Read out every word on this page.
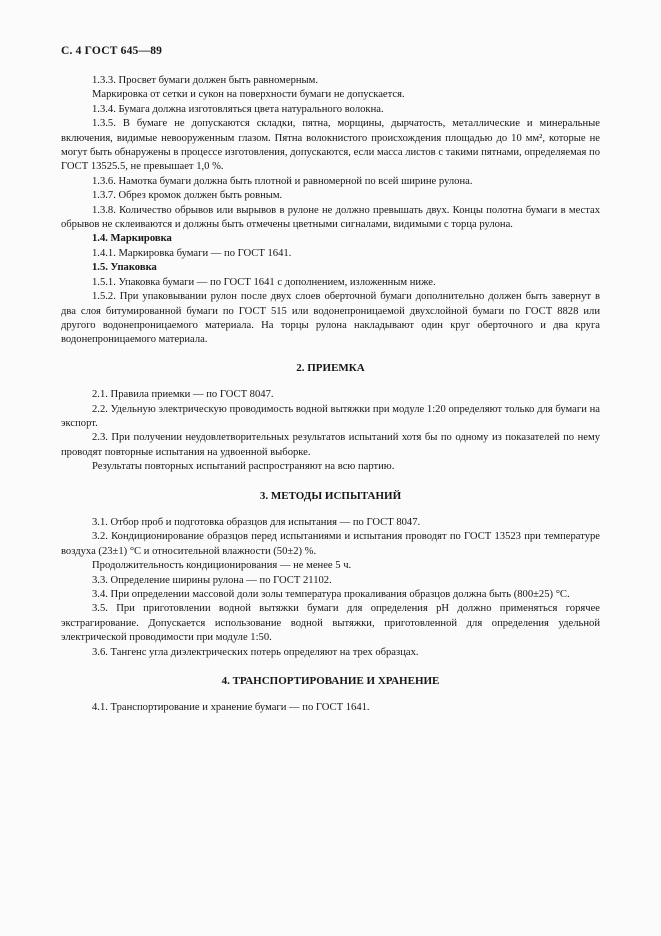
С. 4 ГОСТ 645—89

1.3.3. Просвет бумаги должен быть равномерным.

Маркировка от сетки и сукон на поверхности бумаги не допускается.

1.3.4. Бумага должна изготовляться цвета натурального волокна.

1.3.5. В бумаге не допускаются складки, пятна, морщины, дырчатость, металлические и минеральные включения, видимые невооруженным глазом. Пятна волокнистого происхождения площадью до 10 мм², которые не могут быть обнаружены в процессе изготовления, допускаются, если масса листов с такими пятнами, определяемая по ГОСТ 13525.5, не превышает 1,0 %.

1.3.6. Намотка бумаги должна быть плотной и равномерной по всей ширине рулона.

1.3.7. Обрез кромок должен быть ровным.

1.3.8. Количество обрывов или вырывов в рулоне не должно превышать двух. Концы полотна бумаги в местах обрывов не склеиваются и должны быть отмечены цветными сигналами, видимыми с торца рулона.

1.4. Маркировка

1.4.1. Маркировка бумаги — по ГОСТ 1641.

1.5. Упаковка

1.5.1. Упаковка бумаги — по ГОСТ 1641 с дополнением, изложенным ниже.

1.5.2. При упаковывании рулон после двух слоев оберточной бумаги дополнительно должен быть завернут в два слоя битумированной бумаги по ГОСТ 515 или водонепроницаемой двухслойной бумаги по ГОСТ 8828 или другого водонепроницаемого материала. На торцы рулона накладывают один круг оберточного и два круга водонепроницаемого материала.

2. ПРИЕМКА

2.1. Правила приемки — по ГОСТ 8047.

2.2. Удельную электрическую проводимость водной вытяжки при модуле 1:20 определяют только для бумаги на экспорт.

2.3. При получении неудовлетворительных результатов испытаний хотя бы по одному из показателей по нему проводят повторные испытания на удвоенной выборке.

Результаты повторных испытаний распространяют на всю партию.

3. МЕТОДЫ ИСПЫТАНИЙ

3.1. Отбор проб и подготовка образцов для испытания — по ГОСТ 8047.

3.2. Кондиционирование образцов перед испытаниями и испытания проводят по ГОСТ 13523 при температуре воздуха (23±1) °С и относительной влажности (50±2) %.

Продолжительность кондиционирования — не менее 5 ч.

3.3. Определение ширины рулона — по ГОСТ 21102.

3.4. При определении массовой доли золы температура прокаливания образцов должна быть (800±25) °С.

3.5. При приготовлении водной вытяжки бумаги для определения рН должно применяться горячее экстрагирование. Допускается использование водной вытяжки, приготовленной для определения удельной электрической проводимости при модуле 1:50.

3.6. Тангенс угла диэлектрических потерь определяют на трех образцах.

4. ТРАНСПОРТИРОВАНИЕ И ХРАНЕНИЕ

4.1. Транспортирование и хранение бумаги — по ГОСТ 1641.
